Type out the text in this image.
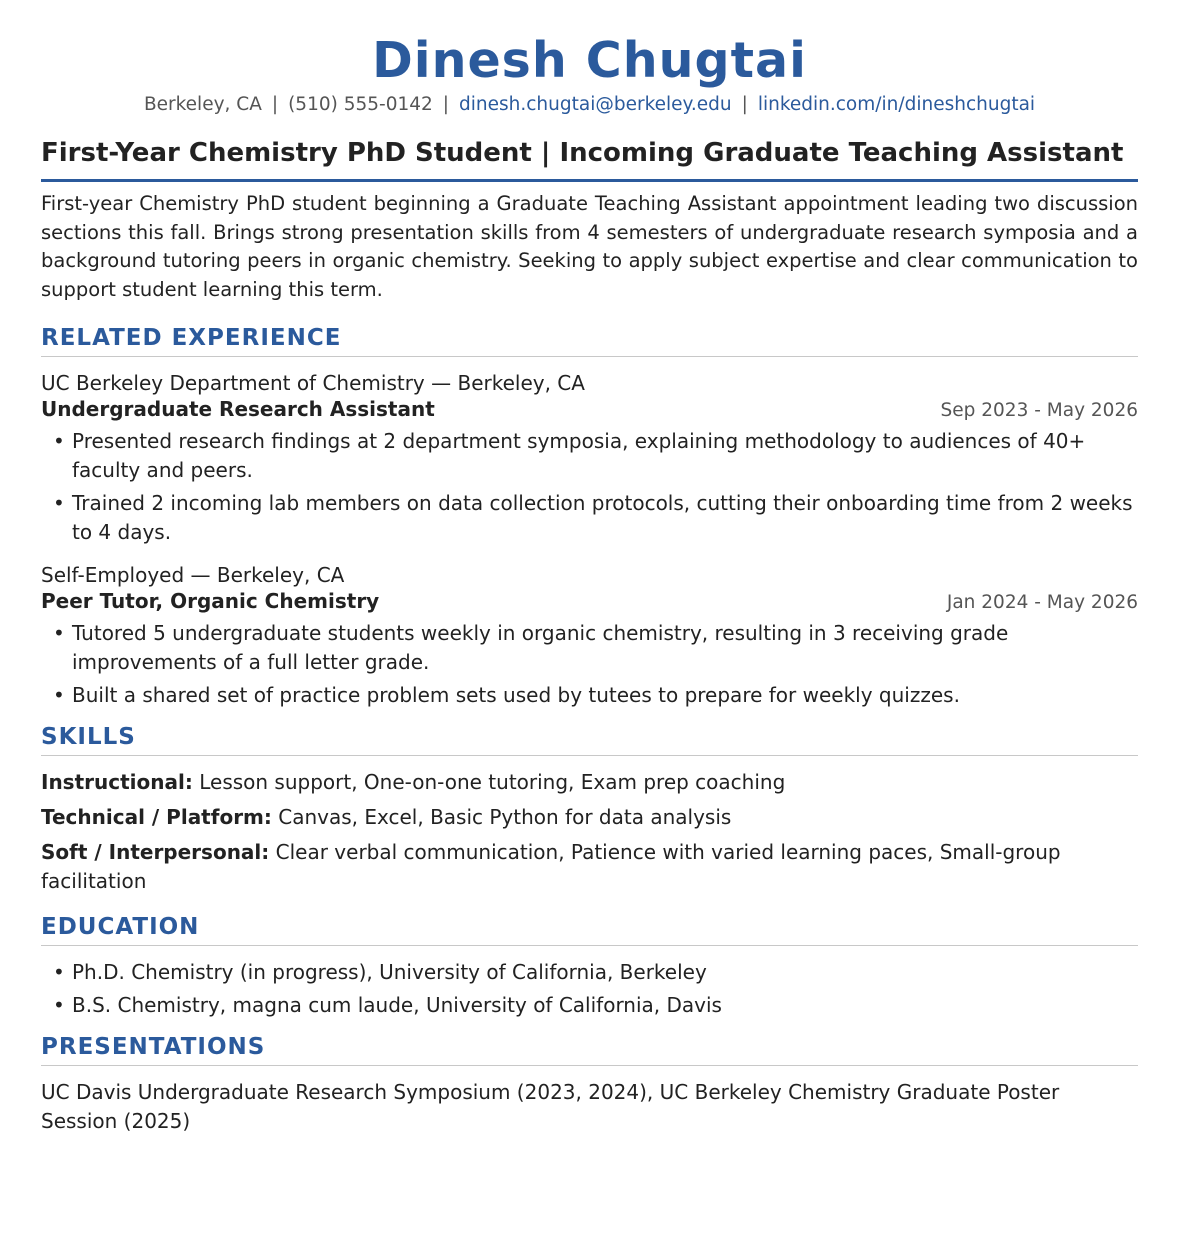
Dinesh Chugtai
Berkeley, CA | (510) 555-0142 | dinesh.chugtai@berkeley.edu | linkedin.com/in/dineshchugtai
First-Year Chemistry PhD Student | Incoming Graduate Teaching Assistant
First-year Chemistry PhD student beginning a Graduate Teaching Assistant appointment leading two discussion sections this fall. Brings strong presentation skills from 4 semesters of undergraduate research symposia and a background tutoring peers in organic chemistry. Seeking to apply subject expertise and clear communication to support student learning this term.
RELATED EXPERIENCE
UC Berkeley Department of Chemistry — Berkeley, CA
Undergraduate Research Assistant	Sep 2023 - May 2026
• Presented research findings at 2 department symposia, explaining methodology to audiences of 40+ faculty and peers.
• Trained 2 incoming lab members on data collection protocols, cutting their onboarding time from 2 weeks to 4 days.
Self-Employed — Berkeley, CA
Peer Tutor, Organic Chemistry	Jan 2024 - May 2026
• Tutored 5 undergraduate students weekly in organic chemistry, resulting in 3 receiving grade improvements of a full letter grade.
• Built a shared set of practice problem sets used by tutees to prepare for weekly quizzes.
SKILLS
Instructional: Lesson support, One-on-one tutoring, Exam prep coaching
Technical / Platform: Canvas, Excel, Basic Python for data analysis
Soft / Interpersonal: Clear verbal communication, Patience with varied learning paces, Small-group facilitation
EDUCATION
• Ph.D. Chemistry (in progress), University of California, Berkeley
• B.S. Chemistry, magna cum laude, University of California, Davis
PRESENTATIONS
UC Davis Undergraduate Research Symposium (2023, 2024), UC Berkeley Chemistry Graduate Poster Session (2025)
